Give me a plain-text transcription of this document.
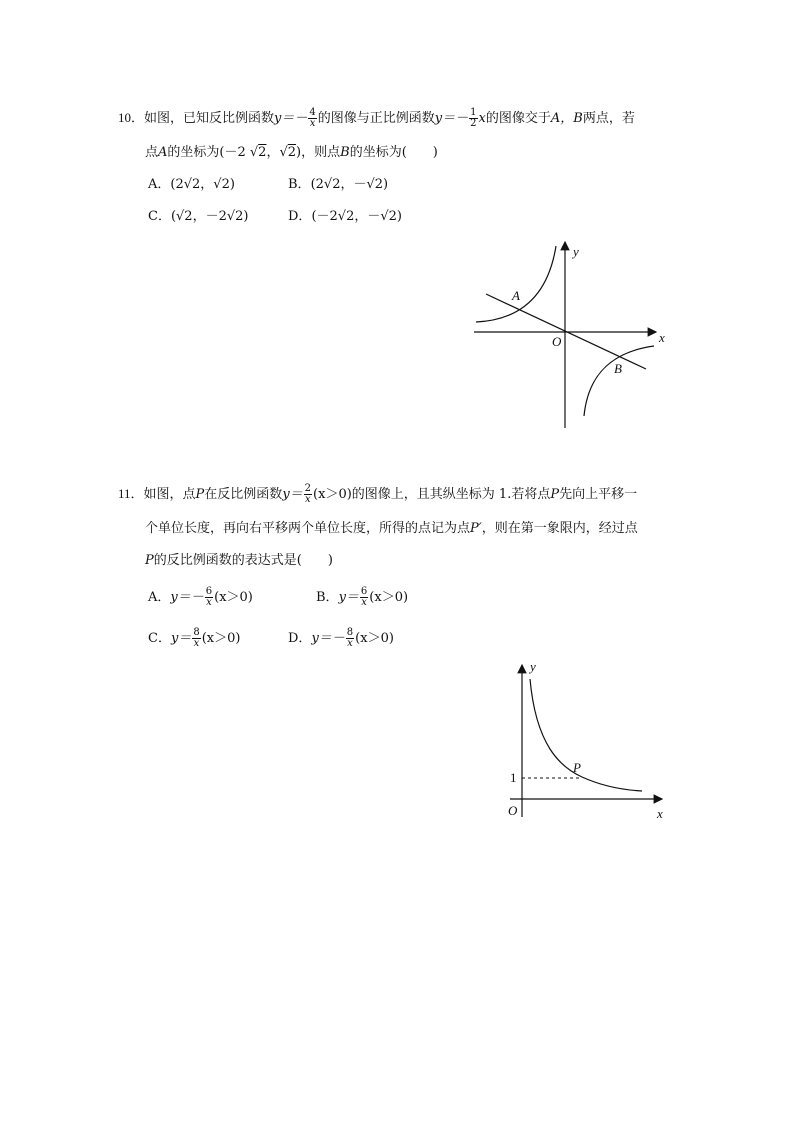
10．如图，已知反比例函数$y=- \frac{4}{x}$ 的图像与正比例函数$y=- \frac{1}{2}$ x的图像交于A，B两点，若
点A的坐标为(－2 √2，√2)，则点B的坐标为(　　)
A．(2√2，√2)	B．(2√2，－√2)
C．(√2，－2√2)	D．(－2√2，－√2)
y
x
O
A
B
11．如图，点P在反比例函数$y= \frac{2}{x} (x>0)$的图像上，且其纵坐标为 1.若将点P先向上平移一
个单位长度，再向右平移两个单位长度，所得的点记为点P′，则在第一象限内，经过点
P的反比例函数的表达式是(　　)
A．$y=- \frac{6}{x} (x>0)$	B．$y= \frac{6}{x} (x>0)$
C．$y= \frac{8}{x} (x>0)$	D．$y=- \frac{8}{x} (x>0)$
y
x
O
P
1
